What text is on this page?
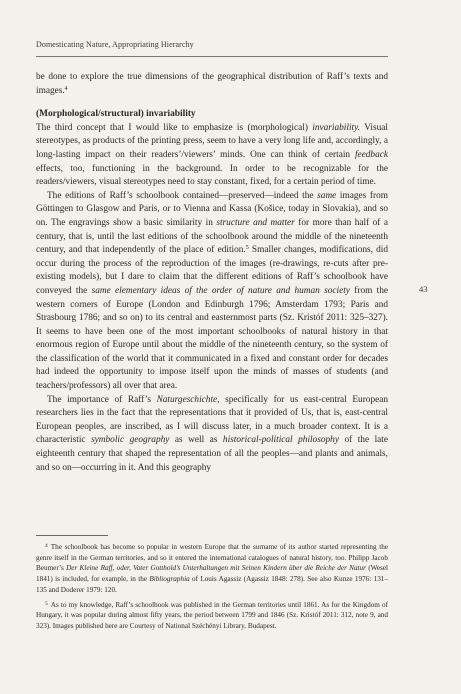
Domesticating Nature, Appropriating Hierarchy
43

be done to explore the true dimensions of the geographical distribution of Raff’s texts and images.$^4$

(Morphological/structural) invariability

The third concept that I would like to emphasize is (morphological) invariability. Visual stereotypes, as products of the printing press, seem to have a very long life and, accordingly, a long-lasting impact on their readers’/viewers’ minds. One can think of certain feedback effects, too, functioning in the background. In order to be recognizable for the readers/viewers, visual stereotypes need to stay constant, fixed, for a certain period of time.

The editions of Raff’s schoolbook contained—preserved—indeed the same images from Göttingen to Glasgow and Paris, or to Vienna and Kassa (Košice, today in Slovakia), and so on. The engravings show a basic similarity in structure and matter for more than half of a century, that is, until the last editions of the schoolbook around the middle of the nineteenth century, and that independently of the place of edition.$^5$ Smaller changes, modifications, did occur during the process of the reproduction of the images (re-drawings, re-cuts after pre-existing models), but I dare to claim that the different editions of Raff’s schoolbook have conveyed the same elementary ideas of the order of nature and human society from the western corners of Europe (London and Edinburgh 1796; Amsterdam 1793; Paris and Strasbourg 1786; and so on) to its central and easternmost parts (Sz. Kristóf 2011: 325–327). It seems to have been one of the most important schoolbooks of natural history in that enormous region of Europe until about the middle of the nineteenth century, so the system of the classification of the world that it communicated in a fixed and constant order for decades had indeed the opportunity to impose itself upon the minds of masses of students (and teachers/professors) all over that area.

The importance of Raff’s Naturgeschichte, specifically for us east-central European researchers lies in the fact that the representations that it provided of Us, that is, east-central European peoples, are inscribed, as I will discuss later, in a much broader context. It is a characteristic symbolic geography as well as historical-political philosophy of the late eighteenth century that shaped the representation of all the peoples—and plants and animals, and so on—occurring in it. And this geography

$^4$ The schoolbook has become so popular in western Europe that the surname of its author started representing the genre itself in the German territories, and so it entered the international catalogues of natural history, too. Philipp Jacob Beumer’s Der Kleine Raff, oder, Vater Gotthold’s Unterhaltungen mit Seinen Kindern über die Reiche der Natur (Wesel 1841) is included, for example, in the Bibliographia of Louis Agassiz (Agassiz 1848: 278). See also Kunze 1976: 131–135 and Doderer 1979: 120.

$^5$ As to my knowledge, Raff’s schoolbook was published in the German territories until 1861. As for the Kingdom of Hungary, it was popular during almost fifty years, the period between 1799 and 1846 (Sz. Kristóf 2011: 312, note 9, and 323). Images published here are Courtesy of National Széchényi Library, Budapest.
